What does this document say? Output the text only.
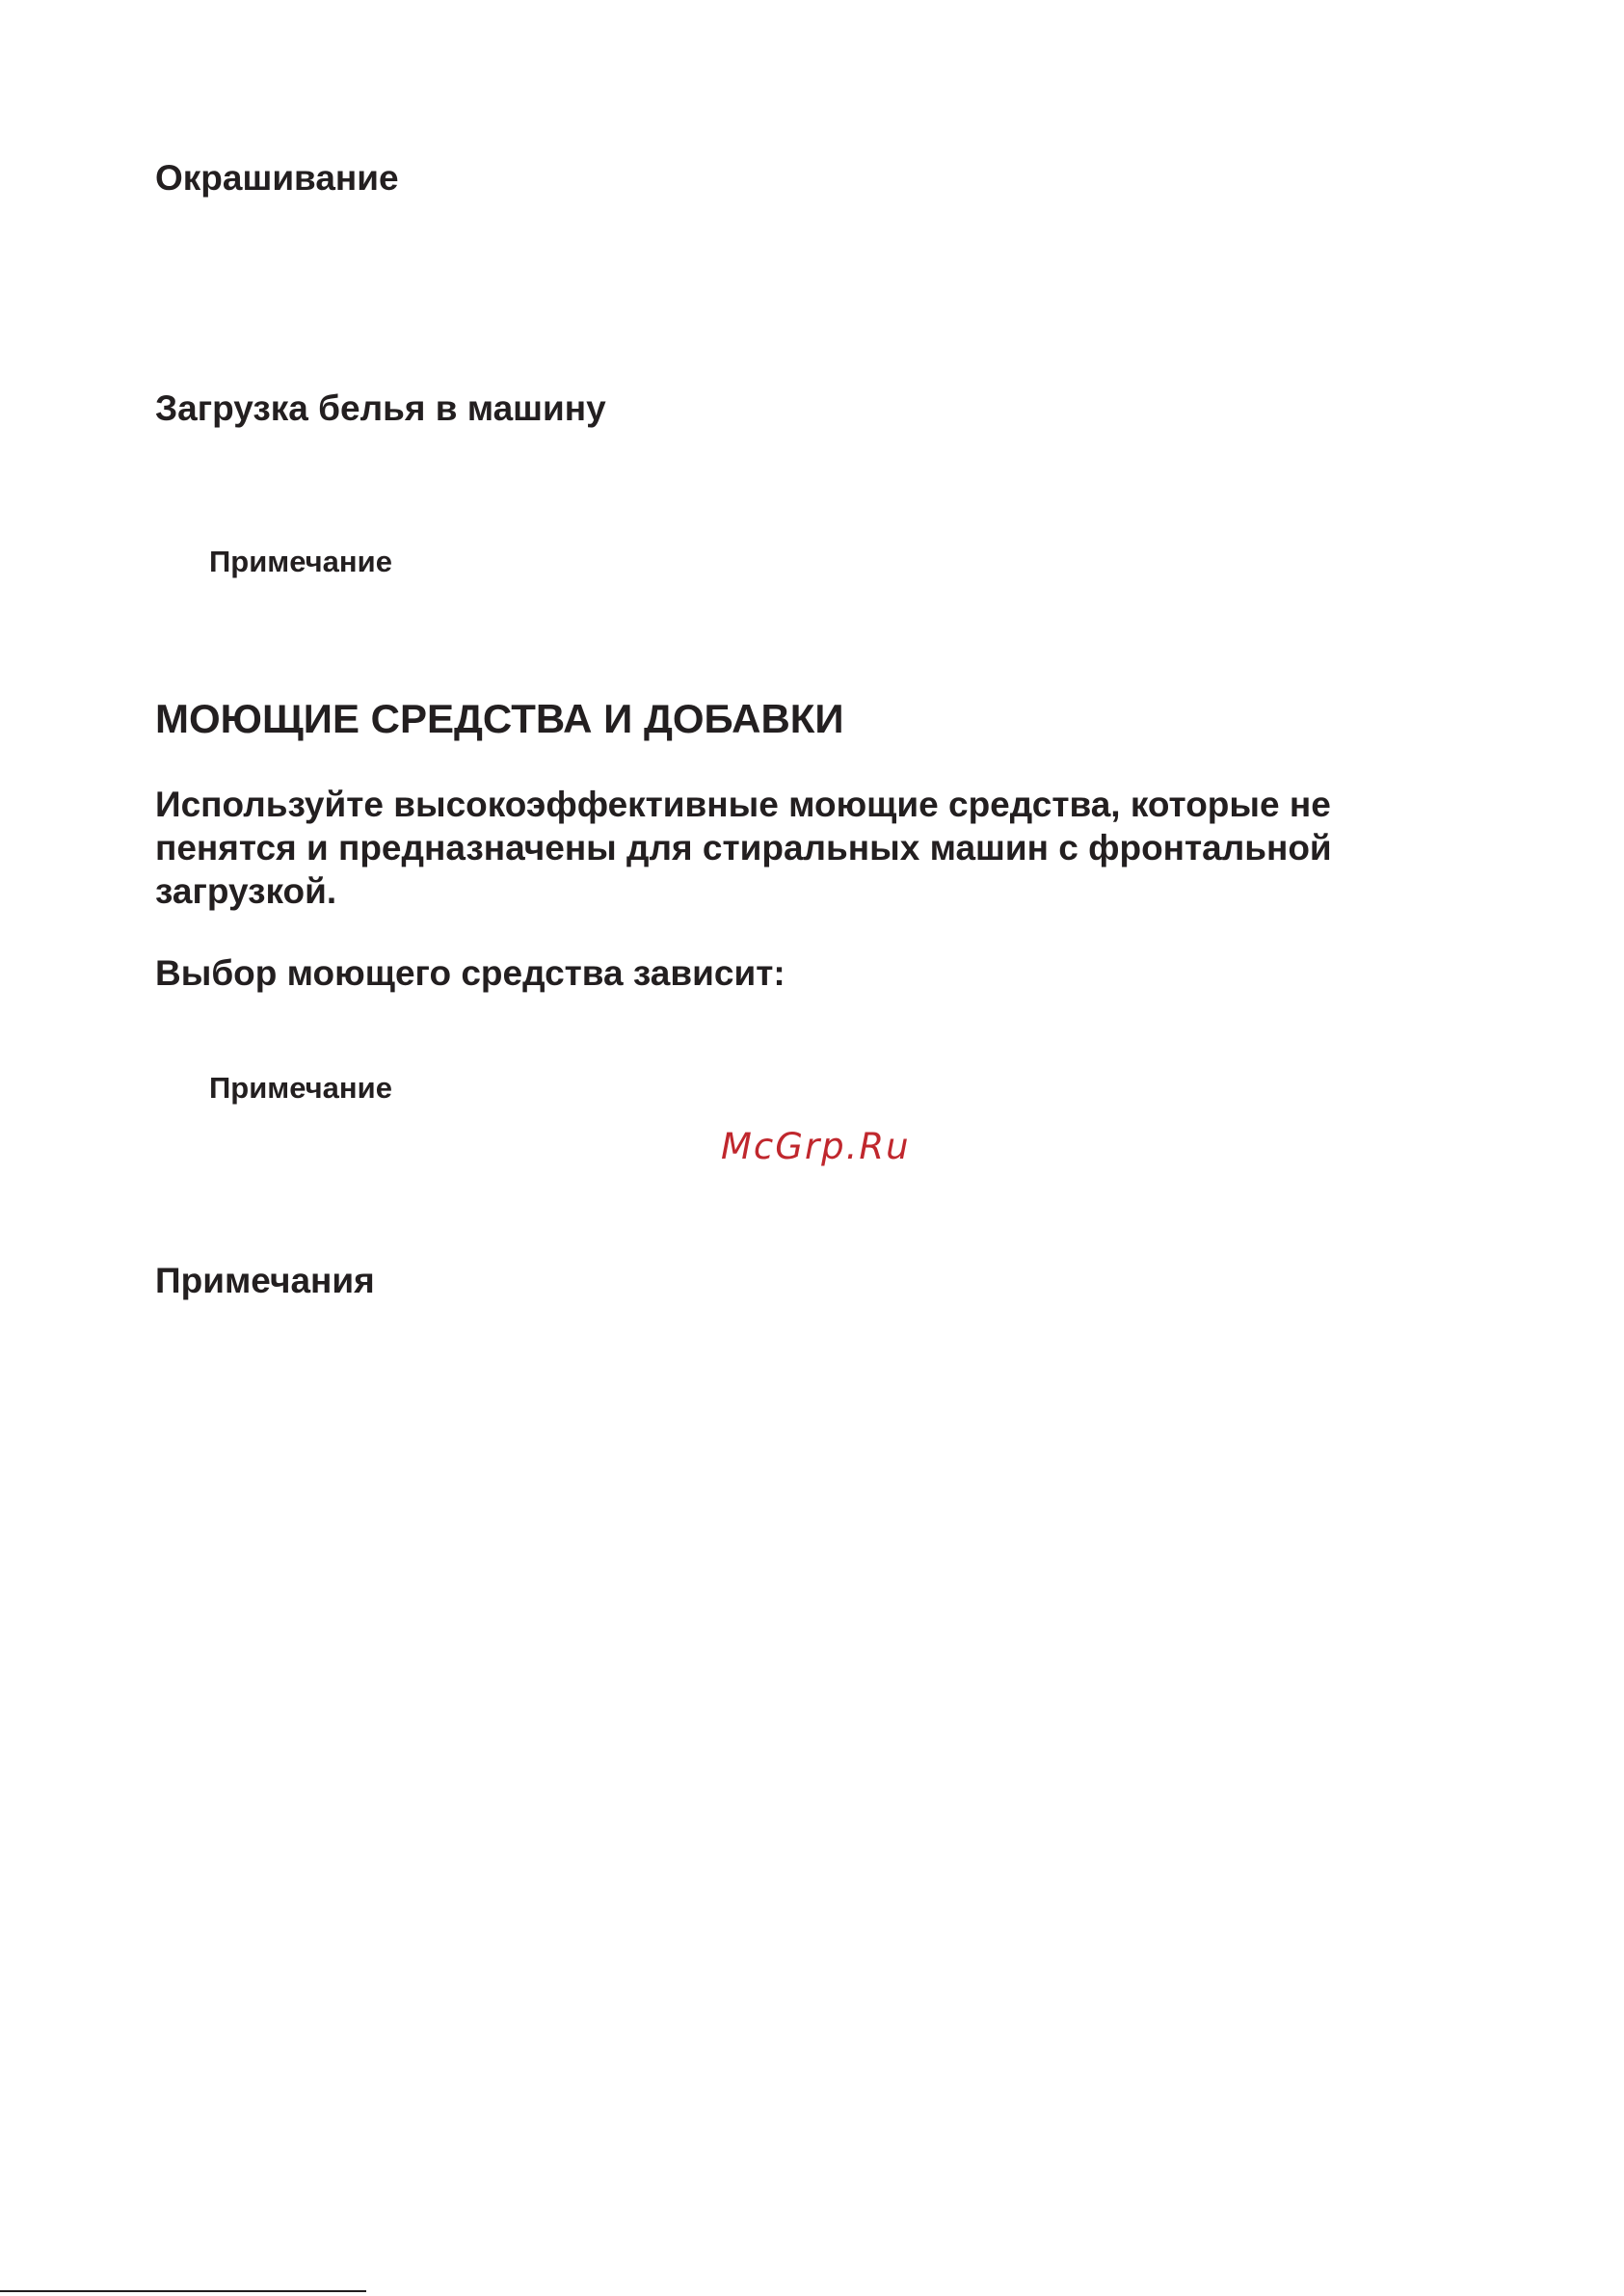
Окрашивание
Загрузка белья в машину

Примечание

МОЮЩИЕ СРЕДСТВА И ДОБАВКИ

Используйте высокоэффективные моющие средства, которые не
пенятся и предназначены для стиральных машин с фронтальной
загрузкой.

Выбор моющего средства зависит:

Примечание

McGrp.Ru
Примечания
